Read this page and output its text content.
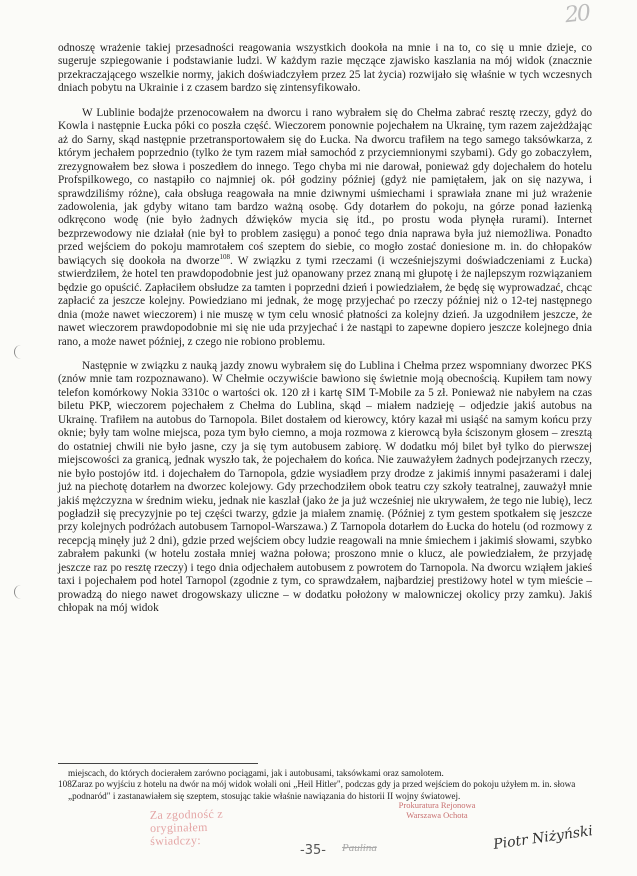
20

odnoszę wrażenie takiej przesadności reagowania wszystkich dookoła na mnie i na to, co się u mnie dzieje, co sugeruje szpiegowanie i podstawianie ludzi. W każdym razie męczące zjawisko kaszlania na mój widok (znacznie przekraczającego wszelkie normy, jakich doświadczyłem przez 25 lat życia) rozwijało się właśnie w tych wczesnych dniach pobytu na Ukrainie i z czasem bardzo się zintensyfikowało.

W Lublinie bodajże przenocowałem na dworcu i rano wybrałem się do Chełma zabrać resztę rzeczy, gdyż do Kowla i następnie Łucka póki co poszła część. Wieczorem ponownie pojechałem na Ukrainę, tym razem zajeżdżając aż do Sarny, skąd następnie przetransportowałem się do Łucka. Na dworcu trafiłem na tego samego taksówkarza, z którym jechałem poprzednio (tylko że tym razem miał samochód z przyciemnionymi szybami). Gdy go zobaczyłem, zrezygnowałem bez słowa i poszedłem do innego. Tego chyba mi nie darował, ponieważ gdy dojechałem do hotelu Profspilkowego, co nastąpiło co najmniej ok. pół godziny później (gdyż nie pamiętałem, jak on się nazywa, i sprawdziliśmy różne), cała obsługa reagowała na mnie dziwnymi uśmiechami i sprawiała znane mi już wrażenie zadowolenia, jak gdyby witano tam bardzo ważną osobę. Gdy dotarłem do pokoju, na górze ponad łazienką odkręcono wodę (nie było żadnych dźwięków mycia się itd., po prostu woda płynęła rurami). Internet bezprzewodowy nie działał (nie był to problem zasięgu) a ponoć tego dnia naprawa była już niemożliwa. Ponadto przed wejściem do pokoju mamrotałem coś szeptem do siebie, co mogło zostać doniesione m. in. do chłopaków bawiących się dookoła na dworze$^{108}$. W związku z tymi rzeczami (i wcześniejszymi doświadczeniami z Łucka) stwierdziłem, że hotel ten prawdopodobnie jest już opanowany przez znaną mi głupotę i że najlepszym rozwiązaniem będzie go opuścić. Zapłaciłem obsłudze za tamten i poprzedni dzień i powiedziałem, że będę się wyprowadzać, chcąc zapłacić za jeszcze kolejny. Powiedziano mi jednak, że mogę przyjechać po rzeczy później niż o 12-tej następnego dnia (może nawet wieczorem) i nie muszę w tym celu wnosić płatności za kolejny dzień. Ja uzgodniłem jeszcze, że nawet wieczorem prawdopodobnie mi się nie uda przyjechać i że nastąpi to zapewne dopiero jeszcze kolejnego dnia rano, a może nawet później, z czego nie robiono problemu.

Następnie w związku z nauką jazdy znowu wybrałem się do Lublina i Chełma przez wspomniany dworzec PKS (znów mnie tam rozpoznawano). W Chełmie oczywiście bawiono się świetnie moją obecnością. Kupiłem tam nowy telefon komórkowy Nokia 3310c o wartości ok. 120 zł i kartę SIM T-Mobile za 5 zł. Ponieważ nie nabyłem na czas biletu PKP, wieczorem pojechałem z Chełma do Lublina, skąd – miałem nadzieję – odjedzie jakiś autobus na Ukrainę. Trafiłem na autobus do Tarnopola. Bilet dostałem od kierowcy, który kazał mi usiąść na samym końcu przy oknie; były tam wolne miejsca, poza tym było ciemno, a moja rozmowa z kierowcą była ściszonym głosem – zresztą do ostatniej chwili nie było jasne, czy ja się tym autobusem zabiorę. W dodatku mój bilet był tylko do pierwszej miejscowości za granicą, jednak wyszło tak, że pojechałem do końca. Nie zauważyłem żadnych podejrzanych rzeczy, nie było postojów itd. i dojechałem do Tarnopola, gdzie wysiadłem przy drodze z jakimiś innymi pasażerami i dalej już na piechotę dotarłem na dworzec kolejowy. Gdy przechodziłem obok teatru czy szkoły teatralnej, zauważył mnie jakiś mężczyzna w średnim wieku, jednak nie kaszlał (jako że ja już wcześniej nie ukrywałem, że tego nie lubię), lecz pogładził się precyzyjnie po tej części twarzy, gdzie ja miałem znamię. (Później z tym gestem spotkałem się jeszcze przy kolejnych podróżach autobusem Tarnopol-Warszawa.) Z Tarnopola dotarłem do Łucka do hotelu (od rozmowy z recepcją minęły już 2 dni), gdzie przed wejściem obcy ludzie reagowali na mnie śmiechem i jakimiś słowami, szybko zabrałem pakunki (w hotelu została mniej ważna połowa; proszono mnie o klucz, ale powiedziałem, że przyjadę jeszcze raz po resztę rzeczy) i tego dnia odjechałem autobusem z powrotem do Tarnopola. Na dworcu wziąłem jakieś taxi i pojechałem pod hotel Tarnopol (zgodnie z tym, co sprawdzałem, najbardziej prestiżowy hotel w tym mieście – prowadzą do niego nawet drogowskazy uliczne – w dodatku położony w malowniczej okolicy przy zamku). Jakiś chłopak na mój widok

miejscach, do których docierałem zarówno pociągami, jak i autobusami, taksówkami oraz samolotem.

108Zaraz po wyjściu z hotelu na dwór na mój widok wołali oni „Heil Hitler", podczas gdy ja przed wejściem do pokoju użyłem m. in. słowa „podnaród" i zastanawiałem się szeptem, stosując takie właśnie nawiązania do historii II wojny światowej.

Za zgodność z oryginałem świadczy:
Prokuratura Rejonowa Warszawa Ochota
-35- Paulina	Piotr Niżyński
